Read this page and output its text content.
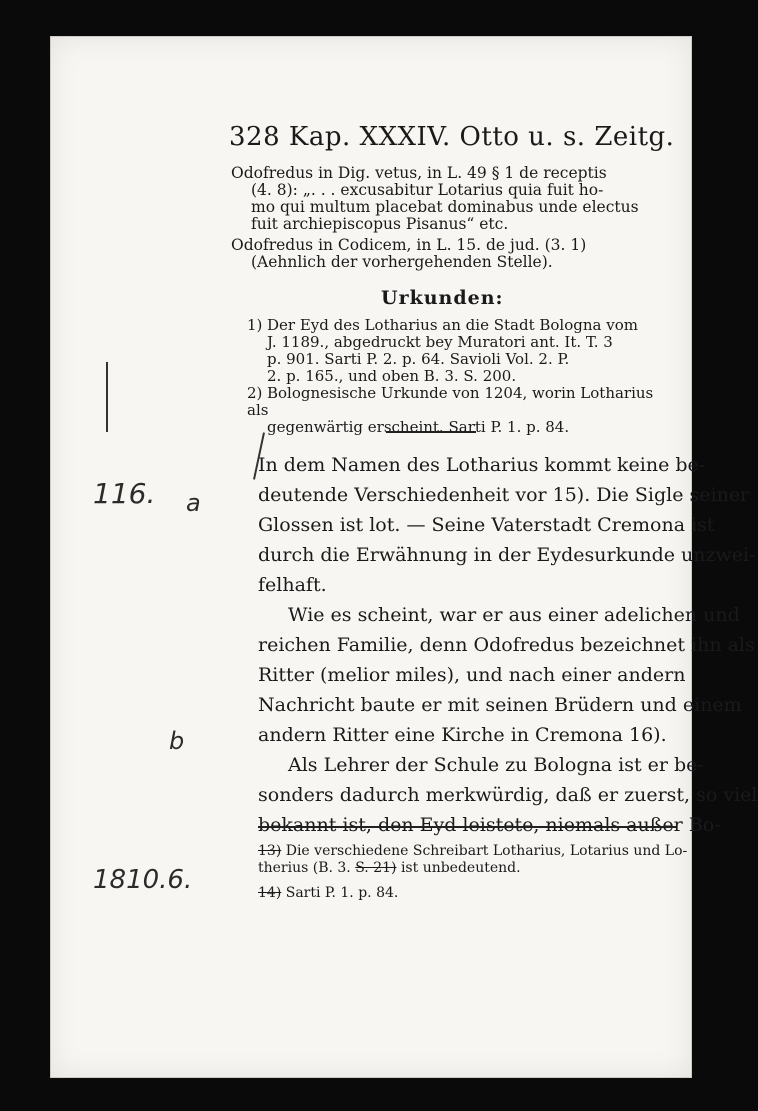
328 Kap. XXXIV. Otto u. s. Zeitg.
Odofredus in Dig. vetus, in L. 49 § 1 de receptis
(4. 8): „. . . excusabitur Lotarius quia fuit ho-
mo qui multum placebat dominabus unde electus
fuit archiepiscopus Pisanus“ etc.
Odofredus in Codicem, in L. 15. de jud. (3. 1)
(Aehnlich der vorhergehenden Stelle).
Urkunden:
1) Der Eyd des Lotharius an die Stadt Bologna vom
J. 1189., abgedruckt bey Muratori ant. It. T. 3
p. 901. Sarti P. 2. p. 64. Savioli Vol. 2. P.
2. p. 165., und oben B. 3. S. 200.
2) Bolognesische Urkunde von 1204, worin Lotharius als
gegenwärtig erscheint. Sarti P. 1. p. 84.
In dem Namen des Lotharius kommt keine be-
deutende Verschiedenheit vor 15). Die Sigle seiner
Glossen ist lot. — Seine Vaterstadt Cremona ist
durch die Erwähnung in der Eydesurkunde unzwei-
felhaft.
Wie es scheint, war er aus einer adelichen und
reichen Familie, denn Odofredus bezeichnet ihn als
Ritter (melior miles), und nach einer andern
Nachricht baute er mit seinen Brüdern und einem
andern Ritter eine Kirche in Cremona 16).
Als Lehrer der Schule zu Bologna ist er be-
sonders dadurch merkwürdig, daß er zuerst, so viel
bekannt ist, den Eyd leistete, niemals außer Bo-
13) Die verschiedene Schreibart Lotharius, Lotarius und Lo-
therius (B. 3. S. 21) ist unbedeutend.
14) Sarti P. 1. p. 84.
116. a
b
1810.6.
